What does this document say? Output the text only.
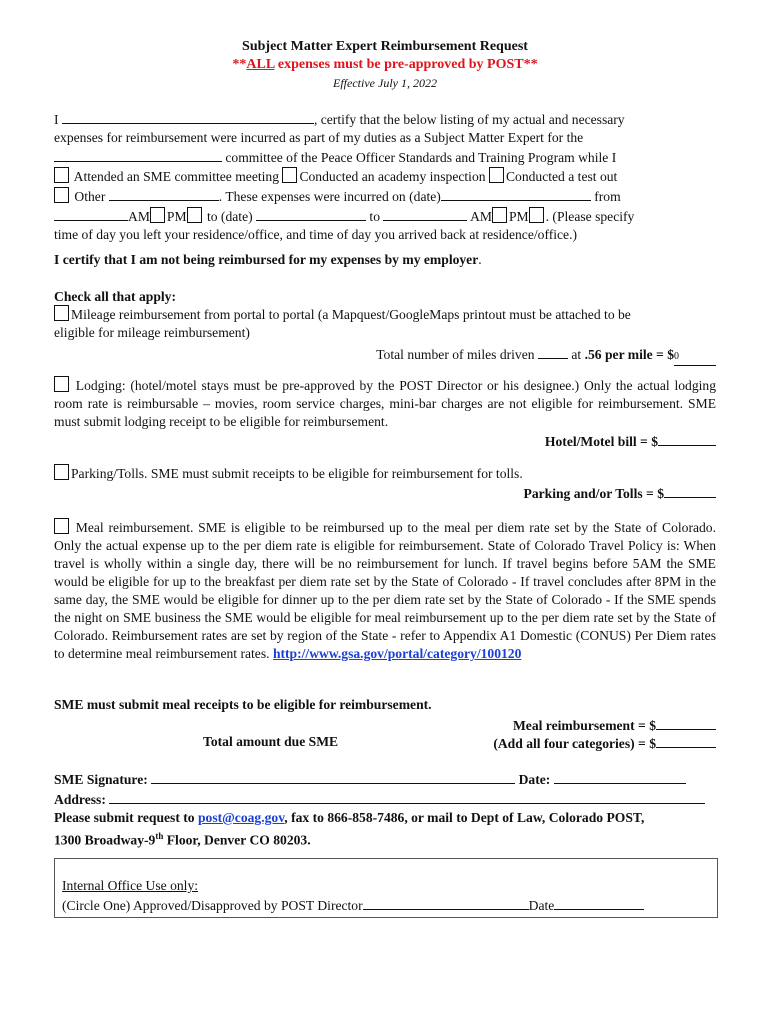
Subject Matter Expert Reimbursement Request
**ALL expenses must be pre-approved by POST**
Effective July 1, 2022

I	, certify that the below listing of my actual and necessary

expenses for reimbursement were incurred as part of my duties as a Subject Matter Expert for the

committee of the Peace Officer Standards and Training Program while I

Attended an SME committee meeting Conducted an academy inspection Conducted a test out

Other	. These expenses were incurred on (date)	from

AM PM to (date)	to	AM PM . (Please specify

time of day you left your residence/office, and time of day you arrived back at residence/office.)

I certify that I am not being reimbursed for my expenses by my employer.

Check all that apply:

Mileage reimbursement from portal to portal (a Mapquest/GoogleMaps printout must be attached to be

eligible for mileage reimbursement)

Total number of miles driven  at .56 per mile = $0

Lodging: (hotel/motel stays must be pre-approved by the POST Director or his designee.) Only the actual lodging room rate is reimbursable – movies, room service charges, mini-bar charges are not eligible for reimbursement. SME must submit lodging receipt to be eligible for reimbursement.

Hotel/Motel bill = $

Parking/Tolls. SME must submit receipts to be eligible for reimbursement for tolls.

Parking and/or Tolls = $

Meal reimbursement. SME is eligible to be reimbursed up to the meal per diem rate set by the State of Colorado. Only the actual expense up to the per diem rate is eligible for reimbursement. State of Colorado Travel Policy is: When travel is wholly within a single day, there will be no reimbursement for lunch. If travel begins before 5AM the SME would be eligible for up to the breakfast per diem rate set by the State of Colorado - If travel concludes after 8PM in the same day, the SME would be eligible for dinner up to the per diem rate set by the State of Colorado - If the SME spends the night on SME business the SME would be eligible for meal reimbursement up to the per diem rate set by the State of Colorado. Reimbursement rates are set by region of the State - refer to Appendix A1 Domestic (CONUS) Per Diem rates to determine meal reimbursement rates. http://www.gsa.gov/portal/category/100120

SME must submit meal receipts to be eligible for reimbursement.

Meal reimbursement = $

Total amount due SME	(Add all four categories) = $

SME Signature:	Date:

Address:

Please submit request to post@coag.gov, fax to 866-858-7486, or mail to Dept of Law, Colorado POST,

1300 Broadway-9th Floor, Denver CO 80203.

Internal Office Use only:

(Circle One) Approved/Disapproved by POST Director	Date
